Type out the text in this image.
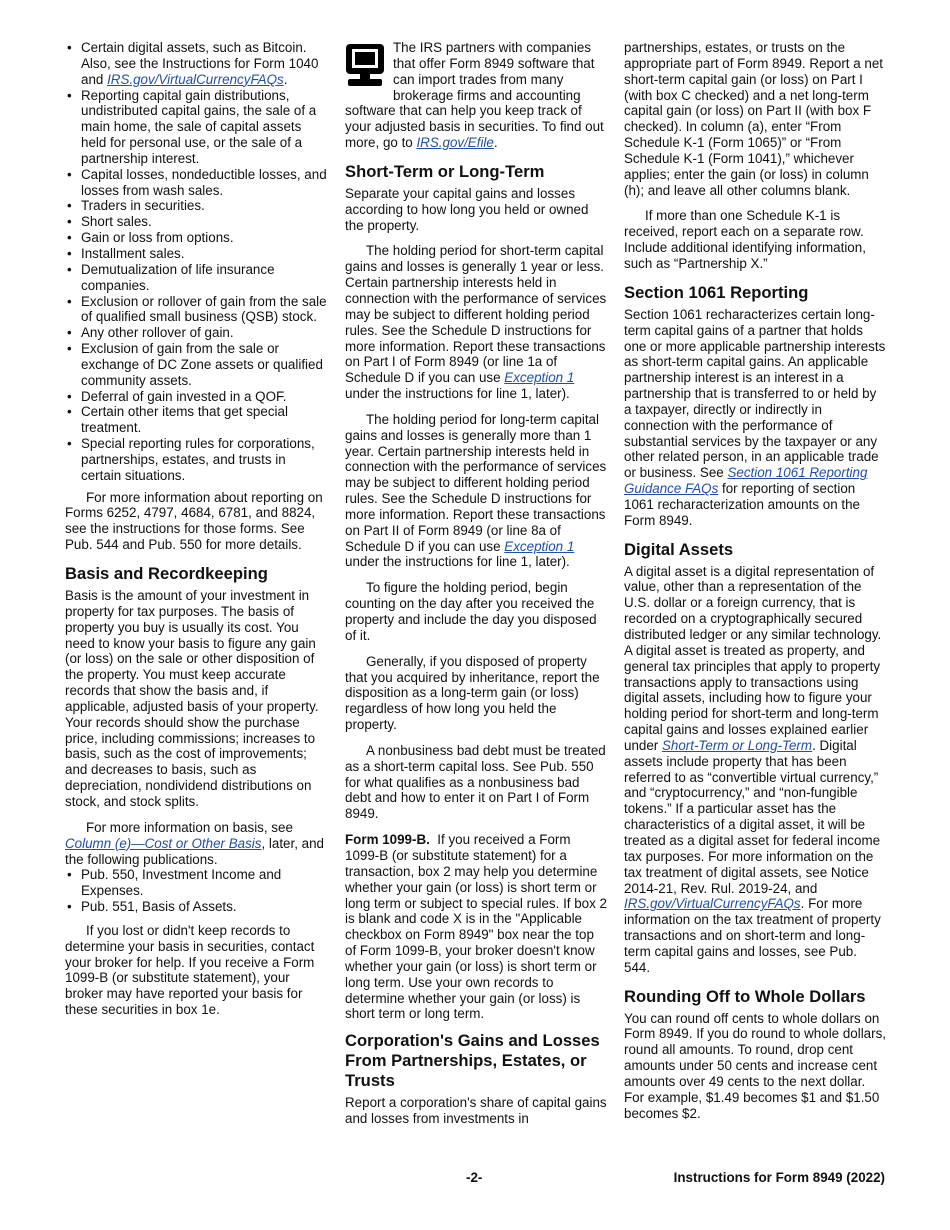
• Certain digital assets, such as Bitcoin. Also, see the Instructions for Form 1040 and IRS.gov/VirtualCurrencyFAQs.
• Reporting capital gain distributions, undistributed capital gains, the sale of a main home, the sale of capital assets held for personal use, or the sale of a partnership interest.
• Capital losses, nondeductible losses, and losses from wash sales.
• Traders in securities.
• Short sales.
• Gain or loss from options.
• Installment sales.
• Demutualization of life insurance companies.
• Exclusion or rollover of gain from the sale of qualified small business (QSB) stock.
• Any other rollover of gain.
• Exclusion of gain from the sale or exchange of DC Zone assets or qualified community assets.
• Deferral of gain invested in a QOF.
• Certain other items that get special treatment.
• Special reporting rules for corporations, partnerships, estates, and trusts in certain situations.

For more information about reporting on Forms 6252, 4797, 4684, 6781, and 8824, see the instructions for those forms. See Pub. 544 and Pub. 550 for more details.

Basis and Recordkeeping

Basis is the amount of your investment in property for tax purposes. The basis of property you buy is usually its cost. You need to know your basis to figure any gain (or loss) on the sale or other disposition of the property. You must keep accurate records that show the basis and, if applicable, adjusted basis of your property. Your records should show the purchase price, including commissions; increases to basis, such as the cost of improvements; and decreases to basis, such as depreciation, nondividend distributions on stock, and stock splits.

For more information on basis, see Column (e)—Cost or Other Basis, later, and the following publications.

• Pub. 550, Investment Income and Expenses.
• Pub. 551, Basis of Assets.

If you lost or didn't keep records to determine your basis in securities, contact your broker for help. If you receive a Form 1099-B (or substitute statement), your broker may have reported your basis for these securities in box 1e.

The IRS partners with companies that offer Form 8949 software that can import trades from many brokerage firms and accounting software that can help you keep track of your adjusted basis in securities. To find out more, go to IRS.gov/Efile.

Short-Term or Long-Term

Separate your capital gains and losses according to how long you held or owned the property.

The holding period for short-term capital gains and losses is generally 1 year or less. Certain partnership interests held in connection with the performance of services may be subject to different holding period rules. See the Schedule D instructions for more information. Report these transactions on Part I of Form 8949 (or line 1a of Schedule D if you can use Exception 1 under the instructions for line 1, later).

The holding period for long-term capital gains and losses is generally more than 1 year. Certain partnership interests held in connection with the performance of services may be subject to different holding period rules. See the Schedule D instructions for more information. Report these transactions on Part II of Form 8949 (or line 8a of Schedule D if you can use Exception 1 under the instructions for line 1, later).

To figure the holding period, begin counting on the day after you received the property and include the day you disposed of it.

Generally, if you disposed of property that you acquired by inheritance, report the disposition as a long-term gain (or loss) regardless of how long you held the property.

A nonbusiness bad debt must be treated as a short-term capital loss. See Pub. 550 for what qualifies as a nonbusiness bad debt and how to enter it on Part I of Form 8949.

Form 1099-B. If you received a Form 1099-B (or substitute statement) for a transaction, box 2 may help you determine whether your gain (or loss) is short term or long term or subject to special rules. If box 2 is blank and code X is in the "Applicable checkbox on Form 8949" box near the top of Form 1099-B, your broker doesn't know whether your gain (or loss) is short term or long term. Use your own records to determine whether your gain (or loss) is short term or long term.

Corporation's Gains and Losses From Partnerships, Estates, or Trusts

Report a corporation's share of capital gains and losses from investments in

partnerships, estates, or trusts on the appropriate part of Form 8949. Report a net short-term capital gain (or loss) on Part I (with box C checked) and a net long-term capital gain (or loss) on Part II (with box F checked). In column (a), enter “From Schedule K-1 (Form 1065)” or “From Schedule K-1 (Form 1041),” whichever applies; enter the gain (or loss) in column (h); and leave all other columns blank.

If more than one Schedule K-1 is received, report each on a separate row. Include additional identifying information, such as “Partnership X.”

Section 1061 Reporting

Section 1061 recharacterizes certain long-term capital gains of a partner that holds one or more applicable partnership interests as short-term capital gains. An applicable partnership interest is an interest in a partnership that is transferred to or held by a taxpayer, directly or indirectly in connection with the performance of substantial services by the taxpayer or any other related person, in an applicable trade or business. See Section 1061 Reporting Guidance FAQs for reporting of section 1061 recharacterization amounts on the Form 8949.

Digital Assets

A digital asset is a digital representation of value, other than a representation of the U.S. dollar or a foreign currency, that is recorded on a cryptographically secured distributed ledger or any similar technology. A digital asset is treated as property, and general tax principles that apply to property transactions apply to transactions using digital assets, including how to figure your holding period for short-term and long-term capital gains and losses explained earlier under Short-Term or Long-Term. Digital assets include property that has been referred to as “convertible virtual currency,” and “cryptocurrency,” and “non-fungible tokens.” If a particular asset has the characteristics of a digital asset, it will be treated as a digital asset for federal income tax purposes. For more information on the tax treatment of digital assets, see Notice 2014-21, Rev. Rul. 2019-24, and IRS.gov/VirtualCurrencyFAQs. For more information on the tax treatment of property transactions and on short-term and long-term capital gains and losses, see Pub. 544.

Rounding Off to Whole Dollars

You can round off cents to whole dollars on Form 8949. If you do round to whole dollars, round all amounts. To round, drop cent amounts under 50 cents and increase cent amounts over 49 cents to the next dollar. For example, $1.49 becomes $1 and $1.50 becomes $2.

-2-	Instructions for Form 8949 (2022)
